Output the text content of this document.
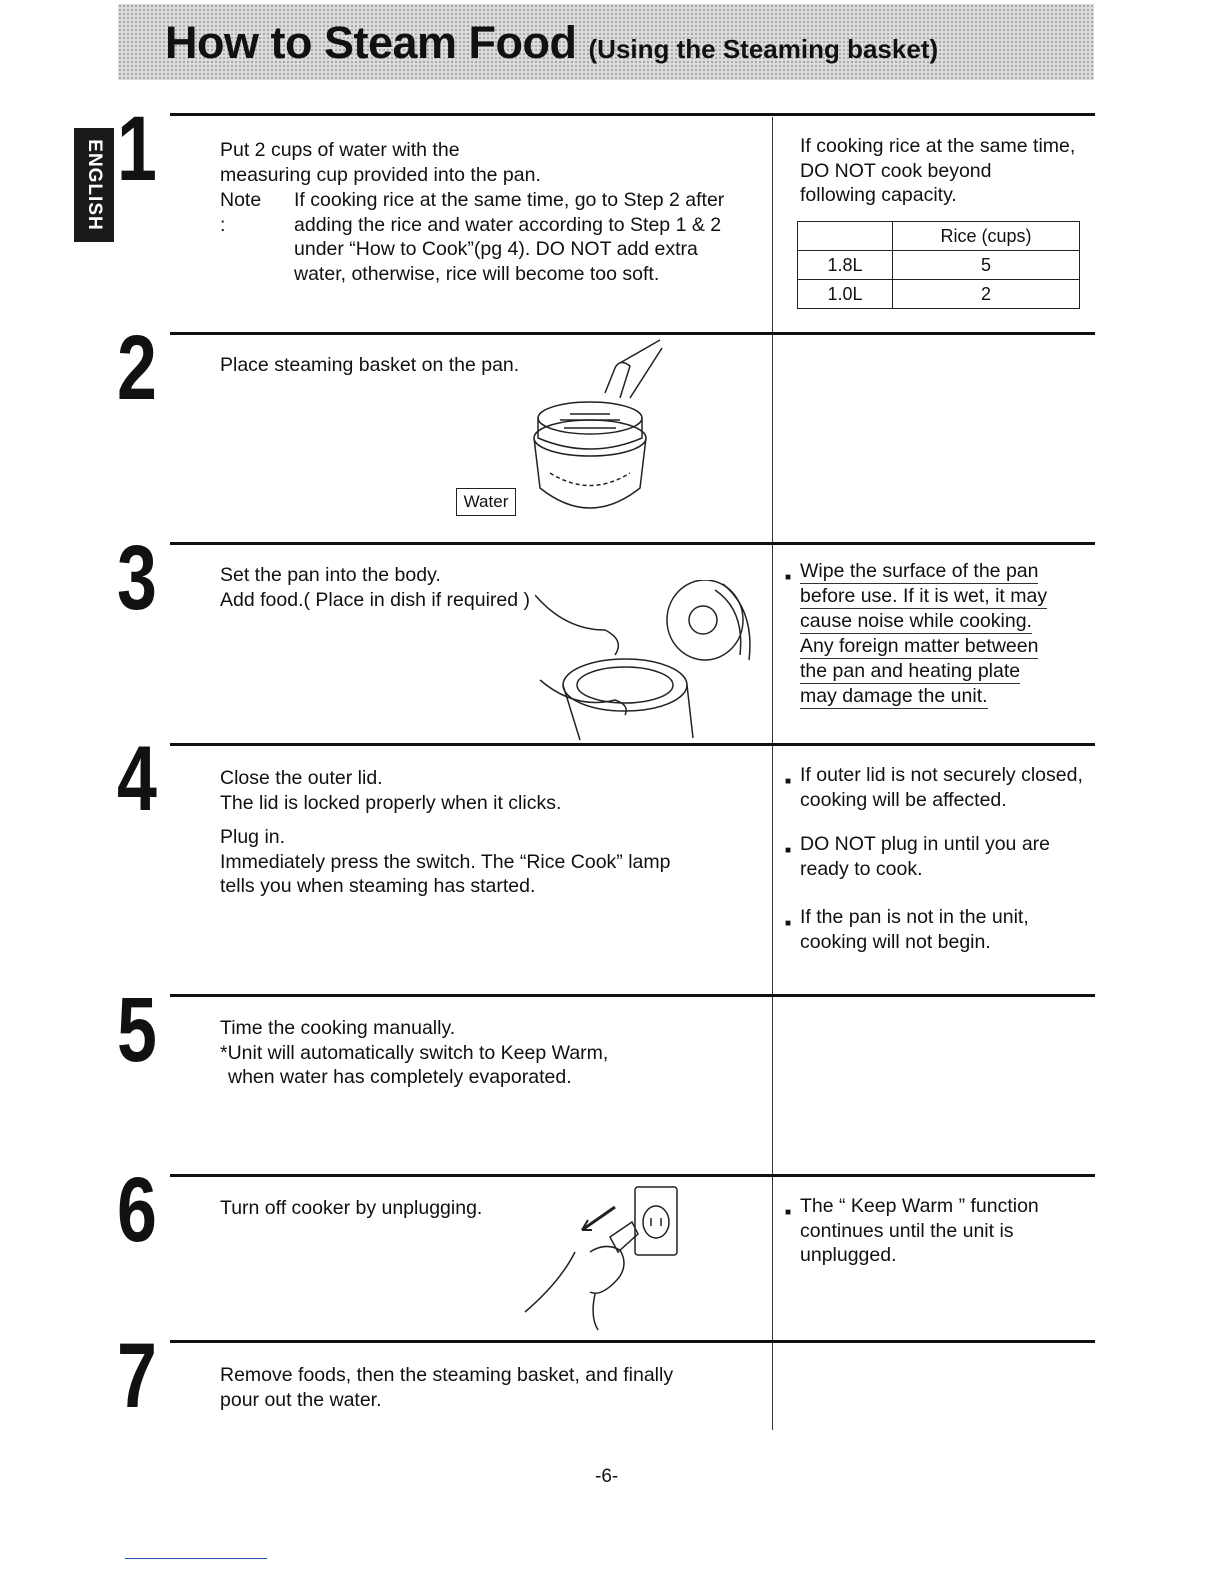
How to Steam Food (Using the Steaming basket)
ENGLISH 1	Put 2 cups of water with the
measuring cup provided into the pan.
Note :
If cooking rice at the same time, go to Step 2 after
adding the rice and water according to Step 1 & 2
under “How to Cook”(pg 4). DO NOT add extra
water, otherwise, rice will become too soft.
If cooking rice at the same time,
DO NOT cook beyond
following capacity.
	Rice (cups)
1.8L	5
1.0L	2
2	Place steaming basket on the pan.
Water
3	Set the pan into the body.
Add food.( Place in dish if required )
■ Wipe the surface of the pan
before use. If it is wet, it may
cause noise while cooking.
Any foreign matter between
the pan and heating plate
may damage the unit.
4	Close the outer lid.
The lid is locked properly when it clicks.
Plug in.
Immediately press the switch. The “Rice Cook” lamp
tells you when steaming has started.
■ If outer lid is not securely closed,
cooking will be affected.
■ DO NOT plug in until you are
ready to cook.
■ If the pan is not in the unit,
cooking will not begin.
5	Time the cooking manually.
*Unit will automatically switch to Keep Warm,
when water has completely evaporated.
6	Turn off cooker by unplugging.	■ The “ Keep Warm ” function
continues until the unit is
unplugged.
7	Remove foods, then the steaming basket, and finally
pour out the water.
-6-
